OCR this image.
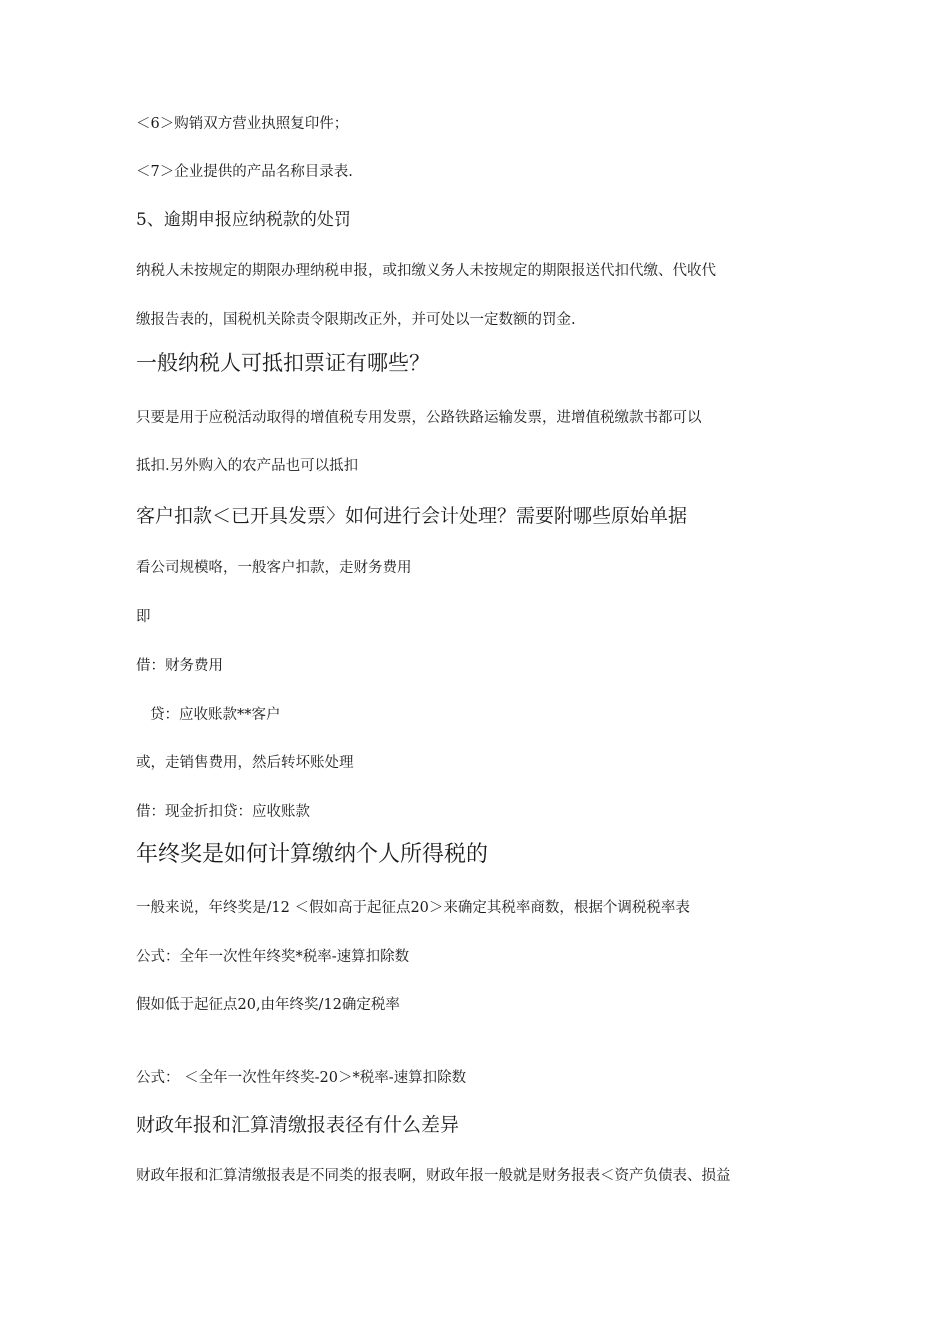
＜6＞购销双方营业执照复印件；

＜7＞企业提供的产品名称目录表.

5、逾期申报应纳税款的处罚

纳税人未按规定的期限办理纳税申报，或扣缴义务人未按规定的期限报送代扣代缴、代收代

缴报告表的，国税机关除责令限期改正外，并可处以一定数额的罚金.

一般纳税人可抵扣票证有哪些？

只要是用于应税活动取得的增值税专用发票，公路铁路运输发票，进增值税缴款书都可以

抵扣.另外购入的农产品也可以抵扣

客户扣款＜已开具发票〉如何进行会计处理？需要附哪些原始单据

看公司规模咯，一般客户扣款，走财务费用

即

借：财务费用

贷：应收账款**客户

或，走销售费用，然后转坏账处理

借：现金折扣贷：应收账款

年终奖是如何计算缴纳个人所得税的

一般来说，年终奖是/12 ＜假如高于起征点20＞来确定其税率商数，根据个调税税率表

公式：全年一次性年终奖*税率-速算扣除数

假如低于起征点20,由年终奖/12确定税率

公式： ＜全年一次性年终奖-20＞*税率-速算扣除数

财政年报和汇算清缴报表径有什么差异

财政年报和汇算清缴报表是不同类的报表啊，财政年报一般就是财务报表＜资产负债表、损益
